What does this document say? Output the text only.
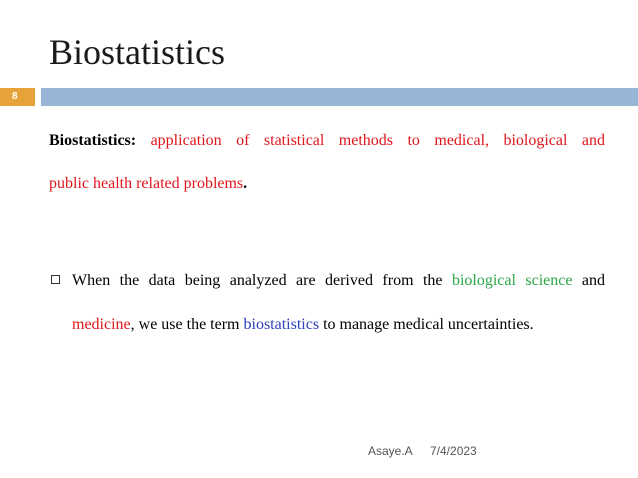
Biostatistics
8
Biostatistics: application of statistical methods to medical, biological and
public health related problems.
When the data being analyzed are derived from the biological science and
medicine, we use the term biostatistics to manage medical uncertainties.
Asaye.A 7/4/2023
